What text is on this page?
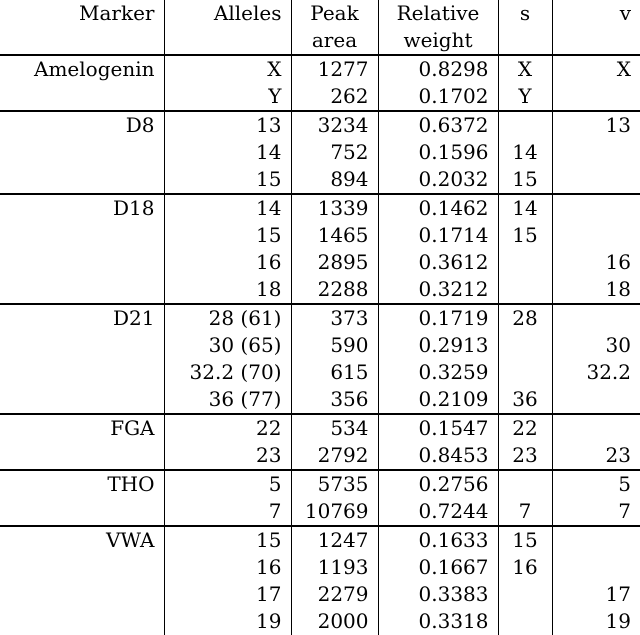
Marker	Alleles	Peak	Relative	s	v
		area	weight		
Amelogenin	X	1277	0.8298	X	X
	Y	262	0.1702	Y	
D8	13	3234	0.6372		13
	14	752	0.1596	14	
	15	894	0.2032	15	
D18	14	1339	0.1462	14	
	15	1465	0.1714	15	
	16	2895	0.3612		16
	18	2288	0.3212		18
D21	28 (61)	373	0.1719	28	
	30 (65)	590	0.2913		30
	32.2 (70)	615	0.3259		32.2
	36 (77)	356	0.2109	36	
FGA	22	534	0.1547	22	
	23	2792	0.8453	23	23
THO	5	5735	0.2756		5
	7	10769	0.7244	7	7
VWA	15	1247	0.1633	15	
	16	1193	0.1667	16	
	17	2279	0.3383		17
	19	2000	0.3318		19
